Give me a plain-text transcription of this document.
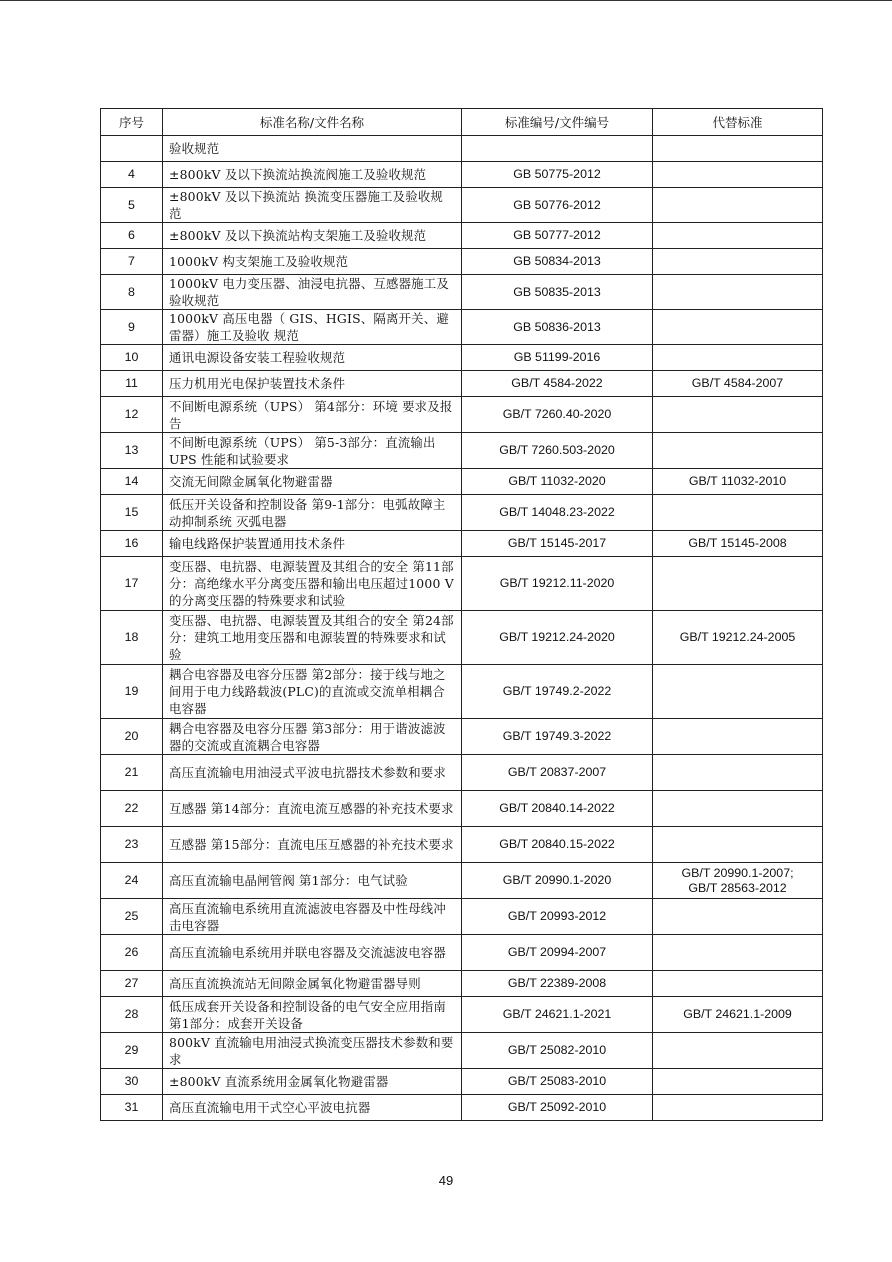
序号	标准名称/文件名称	标准编号/文件编号	代替标准
	验收规范		
4	±800kV 及以下换流站换流阀施工及验收规范	GB 50775-2012	
5	±800kV 及以下换流站 换流变压器施工及验收规范	GB 50776-2012	
6	±800kV 及以下换流站构支架施工及验收规范	GB 50777-2012	
7	1000kV 构支架施工及验收规范	GB 50834-2013	
8	1000kV 电力变压器、油浸电抗器、互感器施工及验收规范	GB 50835-2013	
9	1000kV 高压电器（ GIS、HGIS、隔离开关、避雷器）施工及验收 规范	GB 50836-2013	
10	通讯电源设备安装工程验收规范	GB 51199-2016	
11	压力机用光电保护装置技术条件	GB/T 4584-2022	GB/T 4584-2007
12	不间断电源系统（UPS） 第4部分：环境 要求及报告	GB/T 7260.40-2020	
13	不间断电源系统（UPS） 第5-3部分：直流输出 UPS 性能和试验要求	GB/T 7260.503-2020	
14	交流无间隙金属氧化物避雷器	GB/T 11032-2020	GB/T 11032-2010
15	低压开关设备和控制设备 第9-1部分：电弧故障主动抑制系统 灭弧电器	GB/T 14048.23-2022	
16	输电线路保护装置通用技术条件	GB/T 15145-2017	GB/T 15145-2008
17	变压器、电抗器、电源装置及其组合的安全 第11部分：高绝缘水平分离变压器和输出电压超过1000 V的分离变压器的特殊要求和试验	GB/T 19212.11-2020	
18	变压器、电抗器、电源装置及其组合的安全 第24部分：建筑工地用变压器和电源装置的特殊要求和试验	GB/T 19212.24-2020	GB/T 19212.24-2005
19	耦合电容器及电容分压器 第2部分：接于线与地之间用于电力线路载波(PLC)的直流或交流单相耦合电容器	GB/T 19749.2-2022	
20	耦合电容器及电容分压器 第3部分：用于谐波滤波器的交流或直流耦合电容器	GB/T 19749.3-2022	
21	高压直流输电用油浸式平波电抗器技术参数和要求	GB/T 20837-2007	
22	互感器 第14部分：直流电流互感器的补充技术要求	GB/T 20840.14-2022	
23	互感器 第15部分：直流电压互感器的补充技术要求	GB/T 20840.15-2022	
24	高压直流输电晶闸管阀 第1部分：电气试验	GB/T 20990.1-2020	GB/T 20990.1-2007;
GB/T 28563-2012
25	高压直流输电系统用直流滤波电容器及中性母线冲击电容器	GB/T 20993-2012	
26	高压直流输电系统用并联电容器及交流滤波电容器	GB/T 20994-2007	
27	高压直流换流站无间隙金属氧化物避雷器导则	GB/T 22389-2008	
28	低压成套开关设备和控制设备的电气安全应用指南 第1部分：成套开关设备	GB/T 24621.1-2021	GB/T 24621.1-2009
29	800kV 直流输电用油浸式换流变压器技术参数和要求	GB/T 25082-2010	
30	±800kV 直流系统用金属氧化物避雷器	GB/T 25083-2010	
31	高压直流输电用干式空心平波电抗器	GB/T 25092-2010	
49
